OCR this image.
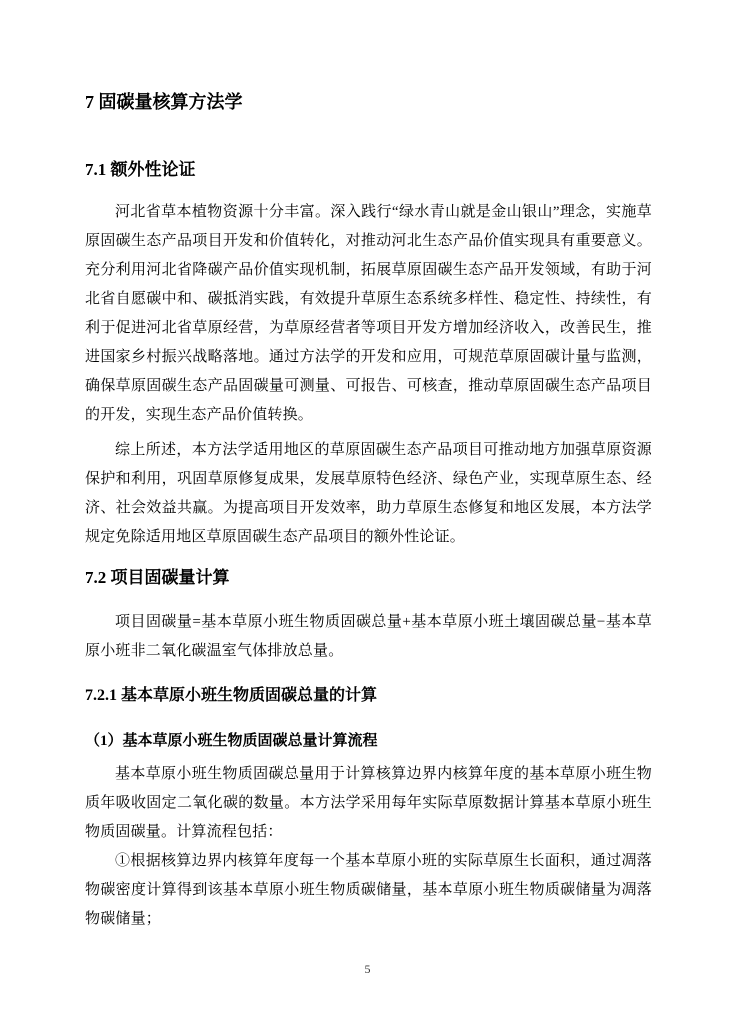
7 固碳量核算方法学
7.1 额外性论证

河北省草本植物资源十分丰富。深入践行“绿水青山就是金山银山”理念，实施草原固碳生态产品项目开发和价值转化，对推动河北生态产品价值实现具有重要意义。充分利用河北省降碳产品价值实现机制，拓展草原固碳生态产品开发领域，有助于河北省自愿碳中和、碳抵消实践，有效提升草原生态系统多样性、稳定性、持续性，有利于促进河北省草原经营，为草原经营者等项目开发方增加经济收入，改善民生，推进国家乡村振兴战略落地。通过方法学的开发和应用，可规范草原固碳计量与监测，确保草原固碳生态产品固碳量可测量、可报告、可核查，推动草原固碳生态产品项目的开发，实现生态产品价值转换。

综上所述，本方法学适用地区的草原固碳生态产品项目可推动地方加强草原资源保护和利用，巩固草原修复成果，发展草原特色经济、绿色产业，实现草原生态、经济、社会效益共赢。为提高项目开发效率，助力草原生态修复和地区发展，本方法学规定免除适用地区草原固碳生态产品项目的额外性论证。

7.2 项目固碳量计算

项目固碳量=基本草原小班生物质固碳总量+基本草原小班土壤固碳总量−基本草原小班非二氧化碳温室气体排放总量。

7.2.1 基本草原小班生物质固碳总量的计算
（1）基本草原小班生物质固碳总量计算流程

基本草原小班生物质固碳总量用于计算核算边界内核算年度的基本草原小班生物质年吸收固定二氧化碳的数量。本方法学采用每年实际草原数据计算基本草原小班生物质固碳量。计算流程包括：

①根据核算边界内核算年度每一个基本草原小班的实际草原生长面积，通过凋落物碳密度计算得到该基本草原小班生物质碳储量，基本草原小班生物质碳储量为凋落物碳储量；

5
